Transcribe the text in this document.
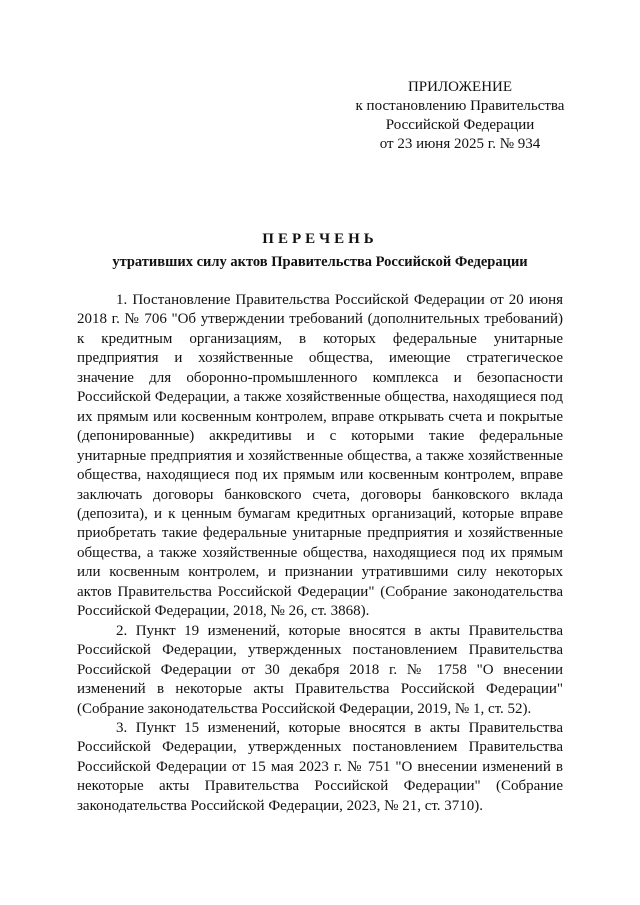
ПРИЛОЖЕНИЕ
к постановлению Правительства
Российской Федерации
от 23 июня 2025 г. № 934
ПЕРЕЧЕНЬ
утративших силу актов Правительства Российской Федерации

1. Постановление Правительства Российской Федерации от 20 июня 2018 г. № 706 "Об утверждении требований (дополнительных требований) к кредитным организациям, в которых федеральные унитарные предприятия и хозяйственные общества, имеющие стратегическое значение для оборонно-промышленного комплекса и безопасности Российской Федерации, а также хозяйственные общества, находящиеся под их прямым или косвенным контролем, вправе открывать счета и покрытые (депонированные) аккредитивы и с которыми такие федеральные унитарные предприятия и хозяйственные общества, а также хозяйственные общества, находящиеся под их прямым или косвенным контролем, вправе заключать договоры банковского счета, договоры банковского вклада (депозита), и к ценным бумагам кредитных организаций, которые вправе приобретать такие федеральные унитарные предприятия и хозяйственные общества, а также хозяйственные общества, находящиеся под их прямым или косвенным контролем, и признании утратившими силу некоторых актов Правительства Российской Федерации" (Собрание законодательства Российской Федерации, 2018, № 26, ст. 3868).

2. Пункт 19 изменений, которые вносятся в акты Правительства Российской Федерации, утвержденных постановлением Правительства Российской Федерации от 30 декабря 2018 г. № 1758 "О внесении изменений в некоторые акты Правительства Российской Федерации" (Собрание законодательства Российской Федерации, 2019, № 1, ст. 52).

3. Пункт 15 изменений, которые вносятся в акты Правительства Российской Федерации, утвержденных постановлением Правительства Российской Федерации от 15 мая 2023 г. № 751 "О внесении изменений в некоторые акты Правительства Российской Федерации" (Собрание законодательства Российской Федерации, 2023, № 21, ст. 3710).
